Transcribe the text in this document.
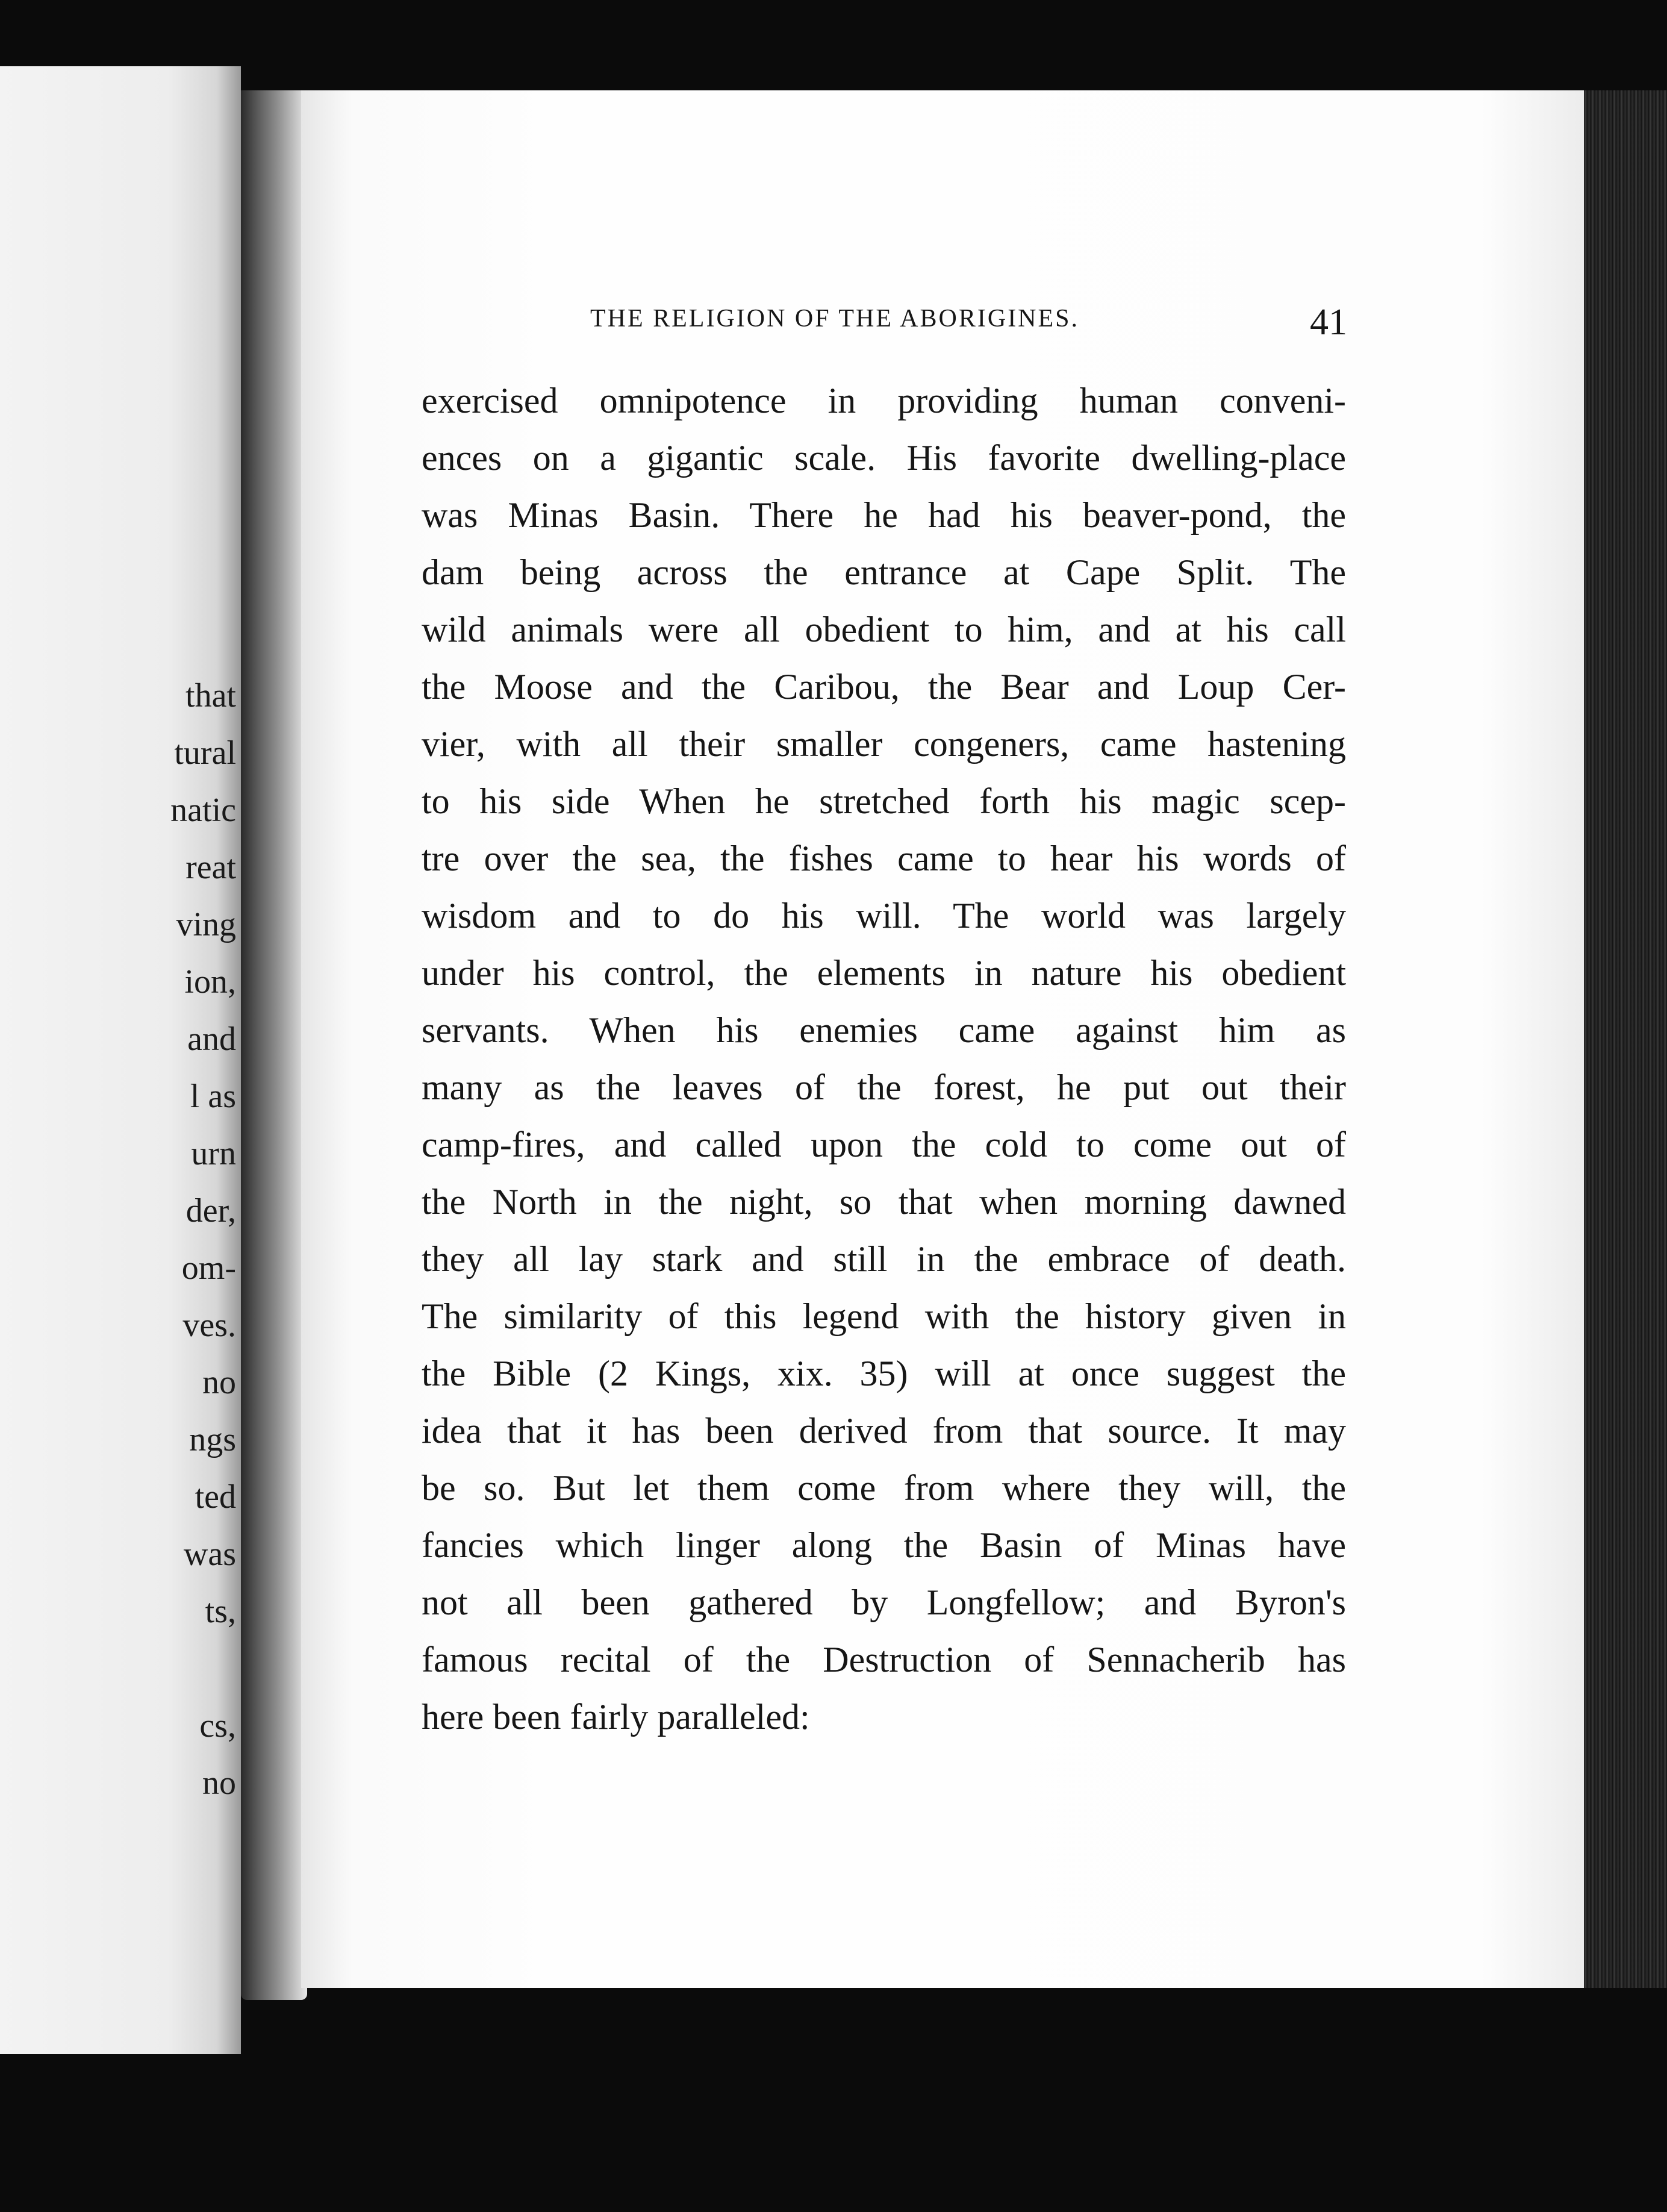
that
tural
natic
reat
ving
ion,
and
l as
urn
der,
om-
ves.
no
ngs
ted
was
ts,
cs,
no
THE RELIGION OF THE ABORIGINES.	41
exercised omnipotence in providing human conveni-
ences on a gigantic scale. His favorite dwelling-place
was Minas Basin. There he had his beaver-pond, the
dam being across the entrance at Cape Split. The
wild animals were all obedient to him, and at his call
the Moose and the Caribou, the Bear and Loup Cer-
vier, with all their smaller congeners, came hastening
to his side When he stretched forth his magic scep-
tre over the sea, the fishes came to hear his words of
wisdom and to do his will. The world was largely
under his control, the elements in nature his obedient
servants. When his enemies came against him as
many as the leaves of the forest, he put out their
camp-fires, and called upon the cold to come out of
the North in the night, so that when morning dawned
they all lay stark and still in the embrace of death.
The similarity of this legend with the history given in
the Bible (2 Kings, xix. 35) will at once suggest the
idea that it has been derived from that source. It may
be so. But let them come from where they will, the
fancies which linger along the Basin of Minas have
not all been gathered by Longfellow; and Byron's
famous recital of the Destruction of Sennacherib has
here been fairly paralleled:
